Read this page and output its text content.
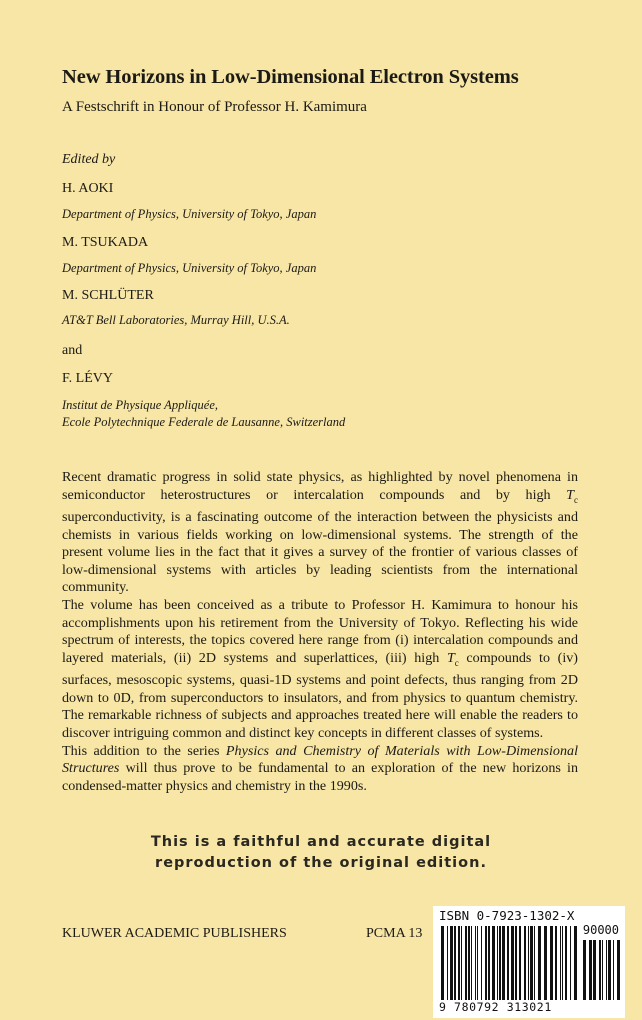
New Horizons in Low-Dimensional Electron Systems
A Festschrift in Honour of Professor H. Kamimura
Edited by
H. AOKI
Department of Physics, University of Tokyo, Japan
M. TSUKADA
Department of Physics, University of Tokyo, Japan
M. SCHLÜTER
AT&T Bell Laboratories, Murray Hill, U.S.A.
and
F. LÉVY
Institut de Physique Appliquée,
Ecole Polytechnique Federale de Lausanne, Switzerland

Recent dramatic progress in solid state physics, as highlighted by novel phenomena in semiconductor heterostructures or intercalation compounds and by high $T_c$ superconductivity, is a fascinating outcome of the interaction between the physicists and chemists in various fields working on low-dimensional systems. The strength of the present volume lies in the fact that it gives a survey of the frontier of various classes of low-dimensional systems with articles by leading scientists from the international community.

The volume has been conceived as a tribute to Professor H. Kamimura to honour his accomplishments upon his retirement from the University of Tokyo. Reflecting his wide spectrum of interests, the topics covered here range from (i) intercalation compounds and layered materials, (ii) 2D systems and superlattices, (iii) high $T_c$ compounds to (iv) surfaces, mesoscopic systems, quasi-1D systems and point defects, thus ranging from 2D down to 0D, from superconductors to insulators, and from physics to quantum chemistry. The remarkable richness of subjects and approaches treated here will enable the readers to discover intriguing common and distinct key concepts in different classes of systems.

This addition to the series Physics and Chemistry of Materials with Low-Dimensional Structures will thus prove to be fundamental to an exploration of the new horizons in condensed-matter physics and chemistry in the 1990s.

This is a faithful and accurate digital
reproduction of the original edition.
KLUWER ACADEMIC PUBLISHERS	PCMA 13
ISBN 0-7923-1302-X
90000
9 780792 313021
